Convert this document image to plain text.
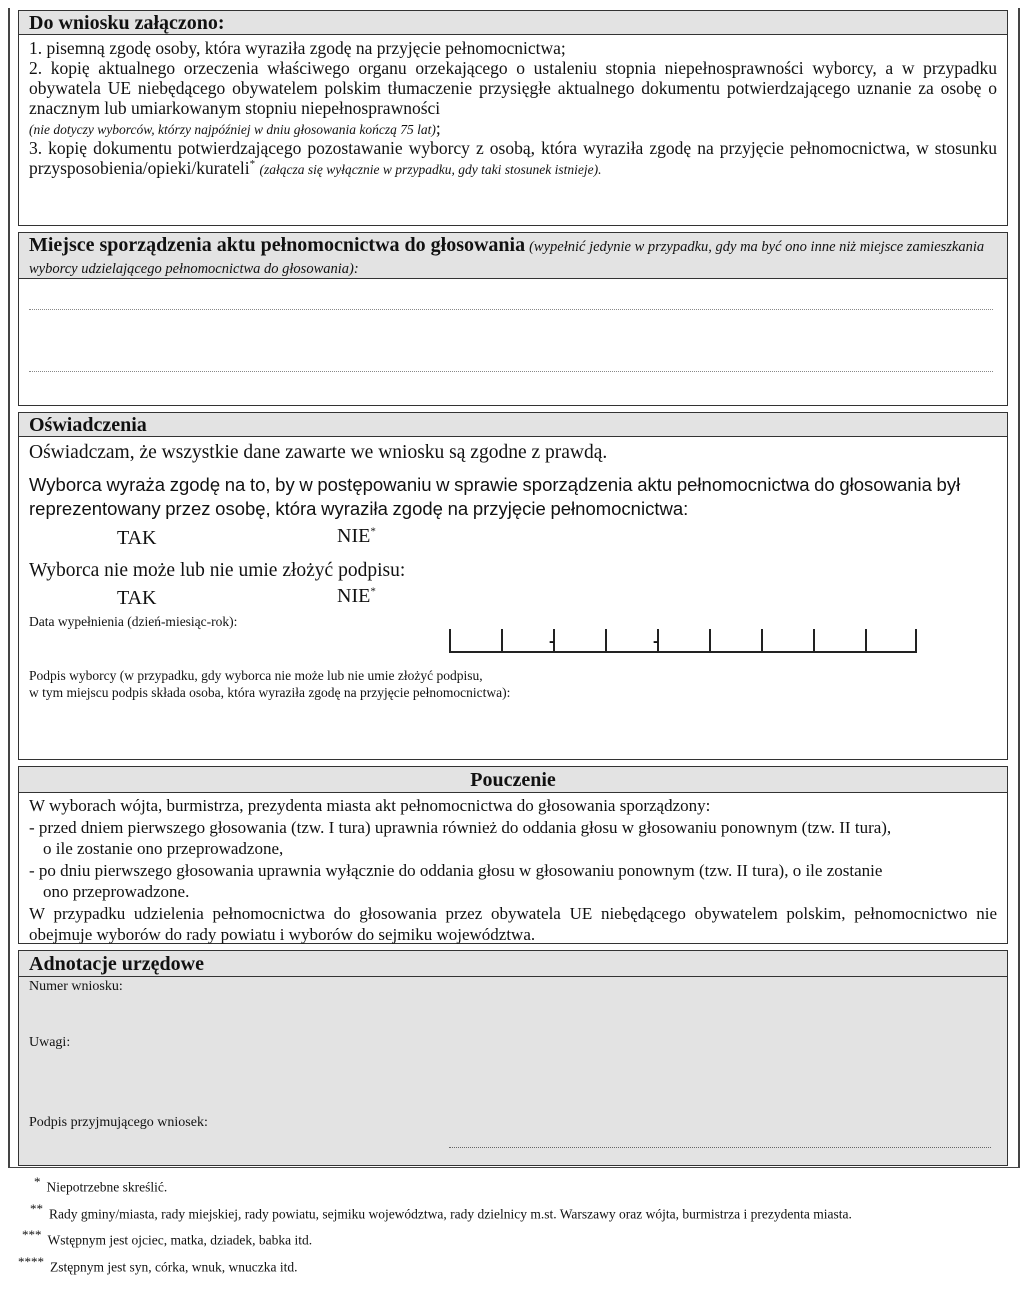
Do wniosku załączono:
1. pisemną zgodę osoby, która wyraziła zgodę na przyjęcie pełnomocnictwa;
2. kopię aktualnego orzeczenia właściwego organu orzekającego o ustaleniu stopnia niepełnosprawności wyborcy, a w przypadku obywatela UE niebędącego obywatelem polskim tłumaczenie przysięgłe aktualnego dokumentu potwierdzającego uznanie za osobę o znacznym lub umiarkowanym stopniu niepełnosprawności
(nie dotyczy wyborców, którzy najpóźniej w dniu głosowania kończą 75 lat);
3. kopię dokumentu potwierdzającego pozostawanie wyborcy z osobą, która wyraziła zgodę na przyjęcie pełnomocnictwa, w stosunku przysposobienia/opieki/kurateli* (załącza się wyłącznie w przypadku, gdy taki stosunek istnieje).
Miejsce sporządzenia aktu pełnomocnictwa do głosowania (wypełnić jedynie w przypadku, gdy ma być ono inne niż miejsce zamieszkania wyborcy udzielającego pełnomocnictwa do głosowania):
Oświadczenia
Oświadczam, że wszystkie dane zawarte we wniosku są zgodne z prawdą.
Wyborca wyraża zgodę na to, by w postępowaniu w sprawie sporządzenia aktu pełnomocnictwa do głosowania był reprezentowany przez osobę, która wyraziła zgodę na przyjęcie pełnomocnictwa:
TAK	NIE*
Wyborca nie może lub nie umie złożyć podpisu:
TAK	NIE*
Data wypełnienia (dzień-miesiąc-rok):
-	-
Podpis wyborcy (w przypadku, gdy wyborca nie może lub nie umie złożyć podpisu,
w tym miejscu podpis składa osoba, która wyraziła zgodę na przyjęcie pełnomocnictwa):
Pouczenie
W wyborach wójta, burmistrza, prezydenta miasta akt pełnomocnictwa do głosowania sporządzony:
- przed dniem pierwszego głosowania (tzw. I tura) uprawnia również do oddania głosu w głosowaniu ponownym (tzw. II tura),
o ile zostanie ono przeprowadzone,
- po dniu pierwszego głosowania uprawnia wyłącznie do oddania głosu w głosowaniu ponownym (tzw. II tura), o ile zostanie
ono przeprowadzone.
W przypadku udzielenia pełnomocnictwa do głosowania przez obywatela UE niebędącego obywatelem polskim, pełnomocnictwo nie obejmuje wyborów do rady powiatu i wyborów do sejmiku województwa.
Adnotacje urzędowe
Numer wniosku:
Uwagi:
Podpis przyjmującego wniosek:
* Niepotrzebne skreślić.
** Rady gminy/miasta, rady miejskiej, rady powiatu, sejmiku województwa, rady dzielnicy m.st. Warszawy oraz wójta, burmistrza i prezydenta miasta.
*** Wstępnym jest ojciec, matka, dziadek, babka itd.
**** Zstępnym jest syn, córka, wnuk, wnuczka itd.
